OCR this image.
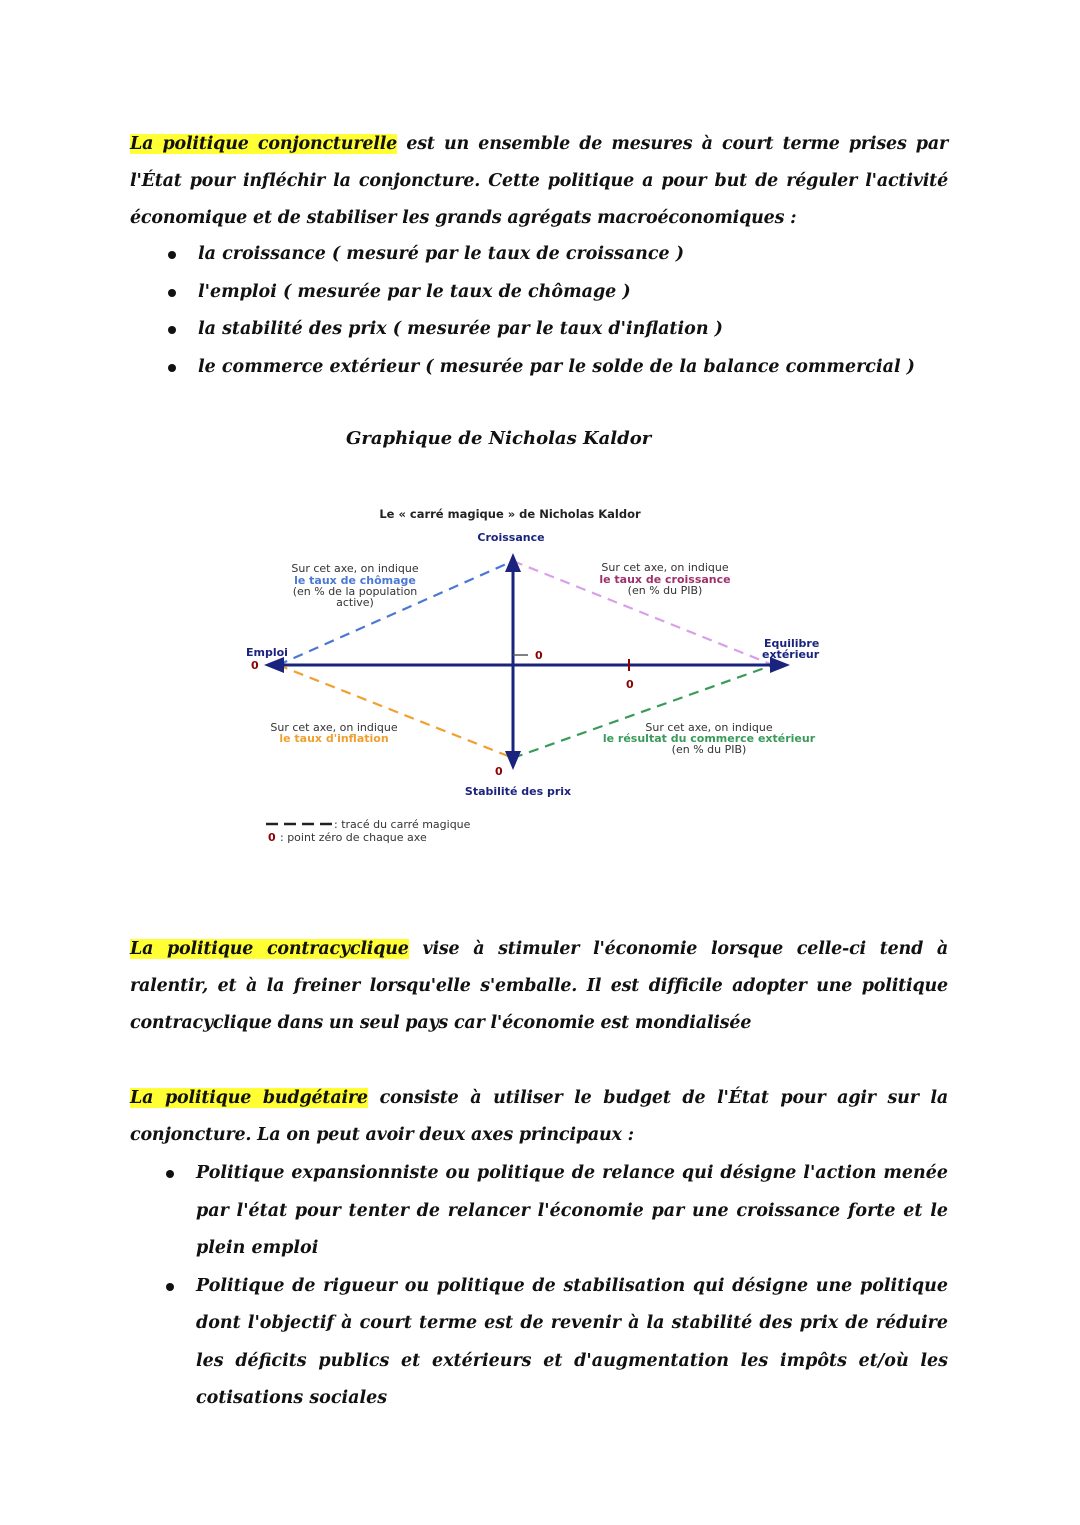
La politique conjoncturelle est un ensemble de mesures à court terme prises par l'État pour infléchir la conjoncture. Cette politique a pour but de réguler l'activité économique et de stabiliser les grands agrégats macroéconomiques :
la croissance ( mesuré par le taux de croissance )
l'emploi ( mesurée par le taux de chômage )
la stabilité des prix ( mesurée par le taux d'inflation )
le commerce extérieur ( mesurée par le solde de la balance commercial )
Graphique de Nicholas Kaldor
Le « carré magique » de Nicholas Kaldor
Croissance
Stabilité des prix
Emploi
Equilibre
extérieur
0
0
0
0
Sur cet axe, on indique
le taux de chômage
(en % de la population
active)
Sur cet axe, on indique
le taux de croissance
(en % du PIB)
Sur cet axe, on indique
le taux d'inflation
Sur cet axe, on indique
le résultat du commerce extérieur
(en % du PIB)
: tracé du carré magique
0 : point zéro de chaque axe
La politique contracyclique vise à stimuler l'économie lorsque celle-ci tend à ralentir, et à la freiner lorsqu'elle s'emballe. Il est difficile adopter une politique contracyclique dans un seul pays car l'économie est mondialisée
La politique budgétaire consiste à utiliser le budget de l'État pour agir sur la conjoncture. La on peut avoir deux axes principaux :
Politique expansionniste ou politique de relance qui désigne l'action menée par l'état pour tenter de relancer l'économie par une croissance forte et le plein emploi
Politique de rigueur ou politique de stabilisation qui désigne une politique dont l'objectif à court terme est de revenir à la stabilité des prix de réduire les déficits publics et extérieurs et d'augmentation les impôts et/où les cotisations sociales
